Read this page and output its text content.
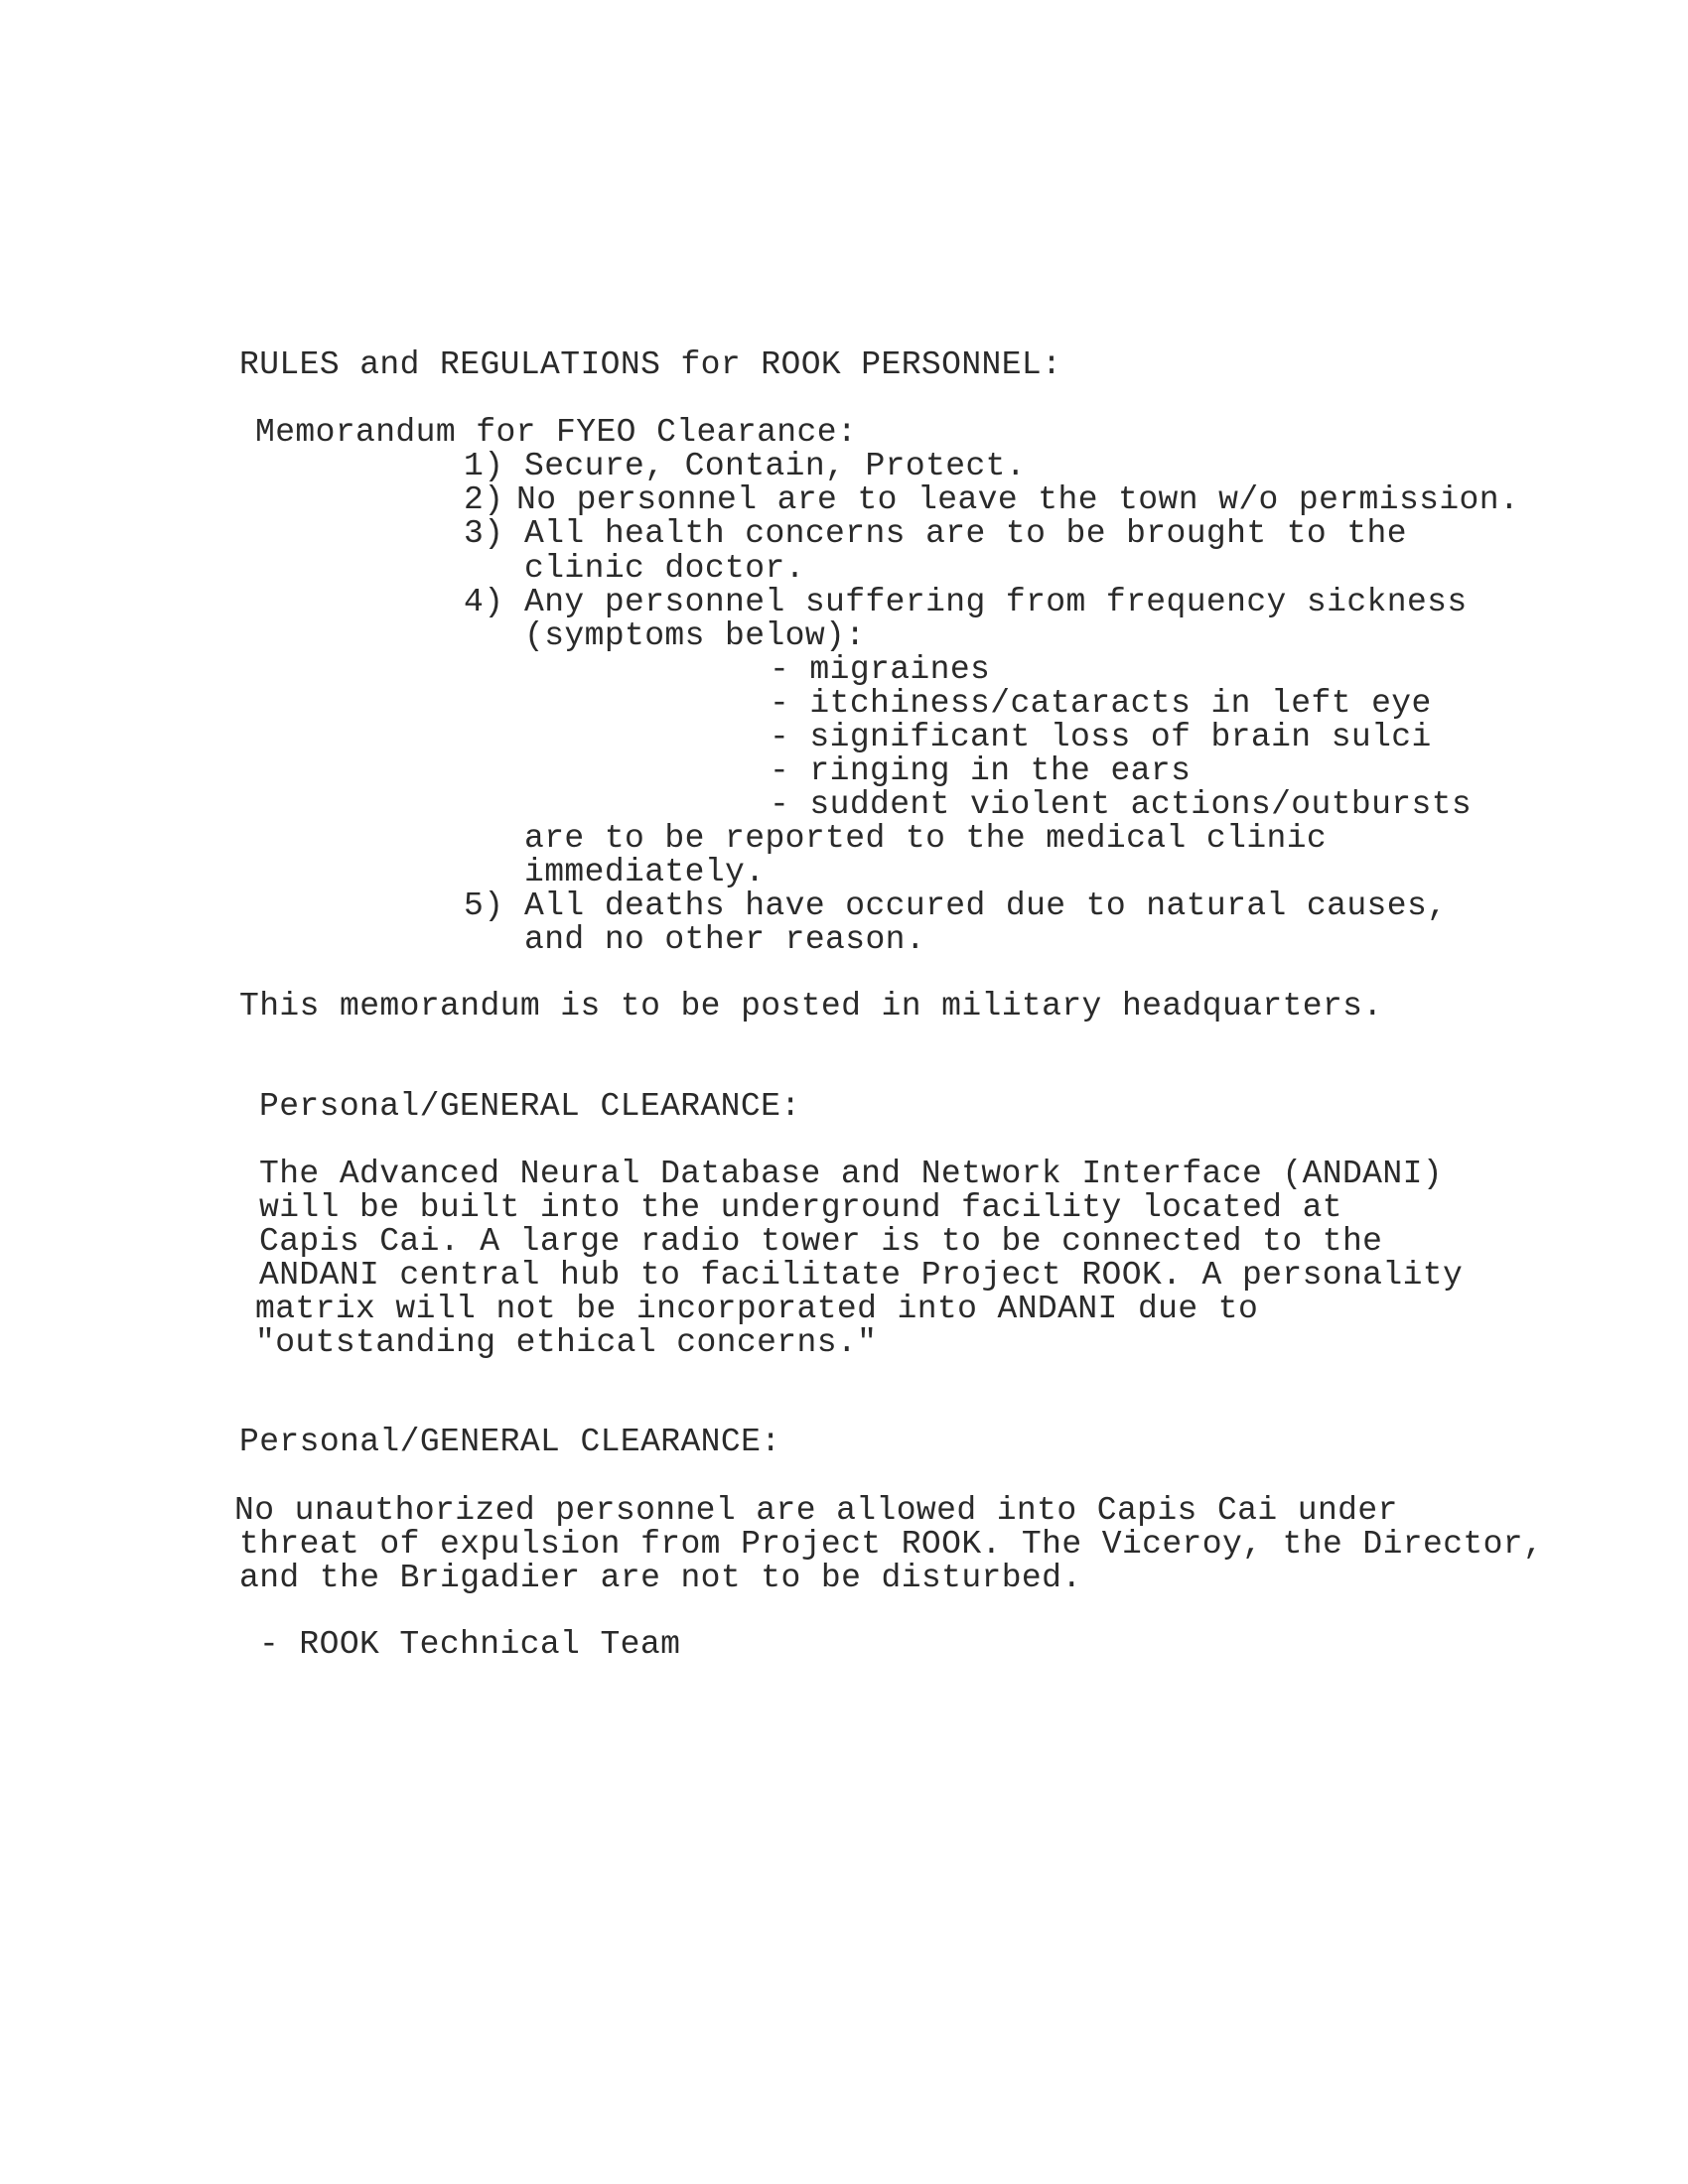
RULES and REGULATIONS for ROOK PERSONNEL:
Memorandum for FYEO Clearance:
1) Secure, Contain, Protect.
2) No personnel are to leave the town w/o permission.
3) All health concerns are to be brought to the
clinic doctor.
4) Any personnel suffering from frequency sickness
(symptoms below):
- migraines
- itchiness/cataracts in left eye
- significant loss of brain sulci
- ringing in the ears
- suddent violent actions/outbursts
are to be reported to the medical clinic
immediately.
5) All deaths have occured due to natural causes,
and no other reason.
This memorandum is to be posted in military headquarters.
Personal/GENERAL CLEARANCE:
The Advanced Neural Database and Network Interface (ANDANI)
will be built into the underground facility located at
Capis Cai. A large radio tower is to be connected to the
ANDANI central hub to facilitate Project ROOK. A personality
matrix will not be incorporated into ANDANI due to
"outstanding ethical concerns."
Personal/GENERAL CLEARANCE:
No unauthorized personnel are allowed into Capis Cai under
threat of expulsion from Project ROOK. The Viceroy, the Director,
and the Brigadier are not to be disturbed.
- ROOK Technical Team
